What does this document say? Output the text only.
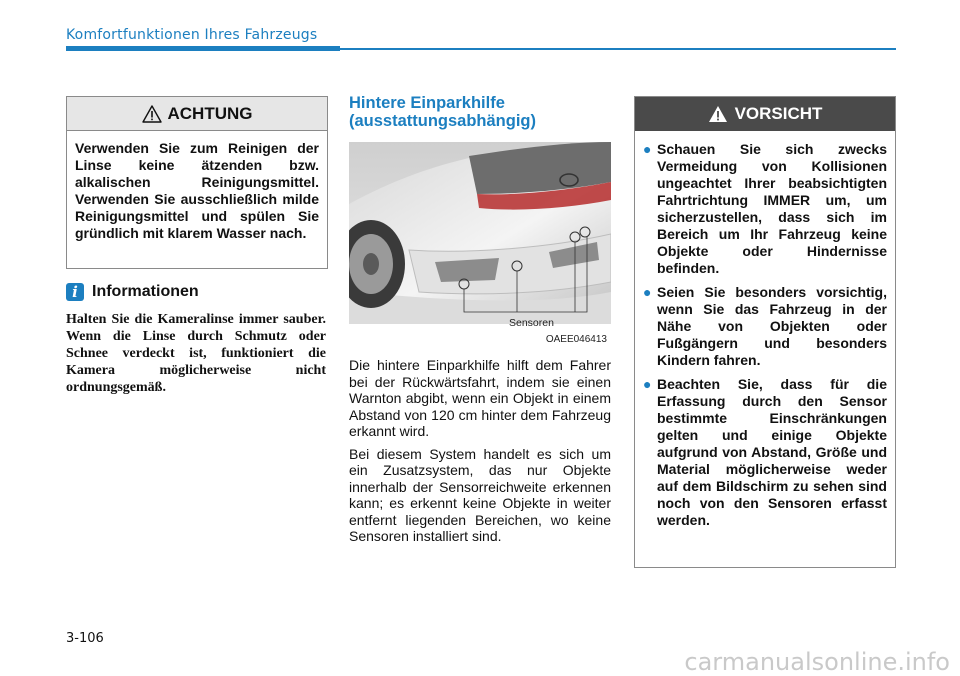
Komfortfunktionen Ihres Fahrzeugs
ACHTUNG
Verwenden Sie zum Reinigen der Linse keine ätzenden bzw. alkalischen Reinigungsmittel. Verwenden Sie ausschließlich milde Reinigungsmittel und spülen Sie gründlich mit klarem Wasser nach.
i Informationen
Halten Sie die Kameralinse immer sauber. Wenn die Linse durch Schmutz oder Schnee verdeckt ist, funktioniert die Kamera möglicherweise nicht ordnungsgemäß.
Hintere Einparkhilfe (ausstattungsabhängig)
Sensoren
OAEE046413

Die hintere Einparkhilfe hilft dem Fahrer bei der Rückwärtsfahrt, indem sie einen Warnton abgibt, wenn ein Objekt in einem Abstand von 120 cm hinter dem Fahrzeug erkannt wird.

Bei diesem System handelt es sich um ein Zusatzsystem, das nur Objekte innerhalb der Sensorreichweite erkennen kann; es erkennt keine Objekte in weiter entfernt liegenden Bereichen, wo keine Sensoren installiert sind.

VORSICHT
● Schauen Sie sich zwecks Vermeidung von Kollisionen ungeachtet Ihrer beabsichtigten Fahrtrichtung IMMER um, um sicherzustellen, dass sich im Bereich um Ihr Fahrzeug keine Objekte oder Hindernisse befinden.
● Seien Sie besonders vorsichtig, wenn Sie das Fahrzeug in der Nähe von Objekten oder Fußgängern und besonders Kindern fahren.
● Beachten Sie, dass für die Erfassung durch den Sensor bestimmte Einschränkungen gelten und einige Objekte aufgrund von Abstand, Größe und Material möglicherweise weder auf dem Bildschirm zu sehen sind noch von den Sensoren erfasst werden.
3-106
carmanualsonline.info
